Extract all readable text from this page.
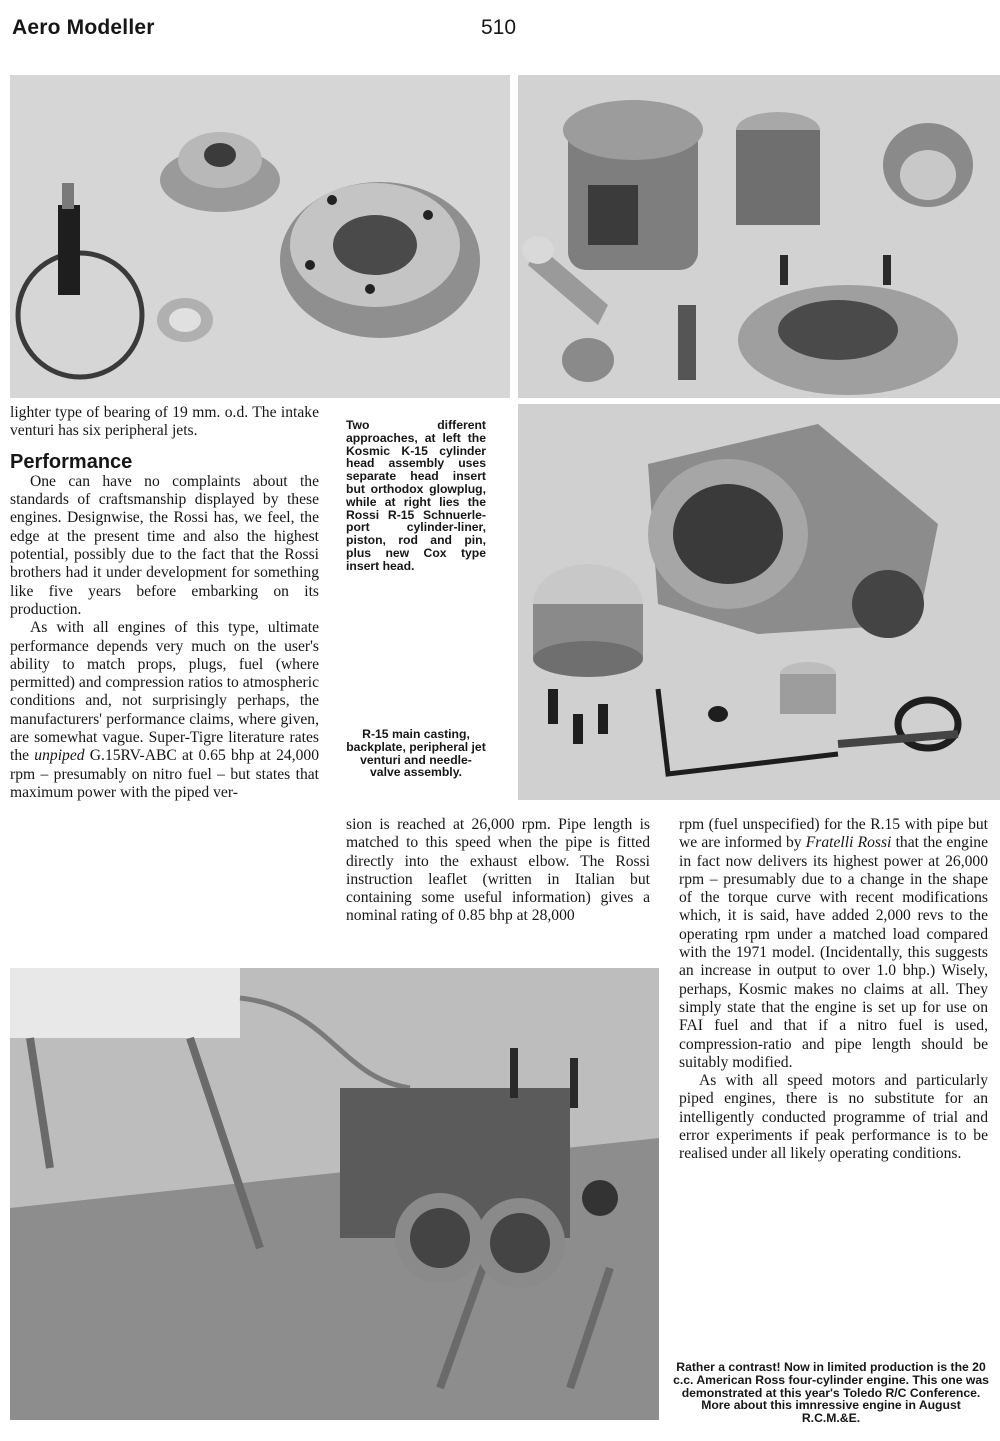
Aero Modeller	510

lighter type of bearing of 19 mm. o.d. The intake venturi has six peripheral jets.

Performance

One can have no complaints about the standards of craftsmanship displayed by these engines. Designwise, the Rossi has, we feel, the edge at the present time and also the highest potential, possibly due to the fact that the Rossi brothers had it under development for something like five years before embarking on its production.

As with all engines of this type, ultimate performance depends very much on the user's ability to match props, plugs, fuel (where permitted) and compression ratios to atmospheric conditions and, not surprisingly perhaps, the manufacturers' performance claims, where given, are somewhat vague. Super-Tigre literature rates the unpiped G.15RV-ABC at 0.65 bhp at 24,000 rpm – presumably on nitro fuel – but states that maximum power with the piped ver-

Two different approaches, at left the Kosmic K-15 cylinder head assembly uses separate head insert but orthodox glowplug, while at right lies the Rossi R-15 Schnuerle-port cylinder-liner, piston, rod and pin, plus new Cox type insert head.
R-15 main casting, backplate, peripheral jet venturi and needle-valve assembly.

sion is reached at 26,000 rpm. Pipe length is matched to this speed when the pipe is fitted directly into the exhaust elbow. The Rossi instruction leaflet (written in Italian but containing some useful information) gives a nominal rating of 0.85 bhp at 28,000

rpm (fuel unspecified) for the R.15 with pipe but we are informed by Fratelli Rossi that the engine in fact now delivers its highest power at 26,000 rpm – presumably due to a change in the shape of the torque curve with recent modifications which, it is said, have added 2,000 revs to the operating rpm under a matched load compared with the 1971 model. (Incidentally, this suggests an increase in output to over 1.0 bhp.) Wisely, perhaps, Kosmic makes no claims at all. They simply state that the engine is set up for use on FAI fuel and that if a nitro fuel is used, compression-ratio and pipe length should be suitably modified.

As with all speed motors and particularly piped engines, there is no substitute for an intelligently conducted programme of trial and error experiments if peak performance is to be realised under all likely operating conditions.

Rather a contrast! Now in limited production is the 20 c.c. American Ross four-cylinder engine. This one was demonstrated at this year's Toledo R/C Conference. More about this imnressive engine in August R.C.M.&E.
